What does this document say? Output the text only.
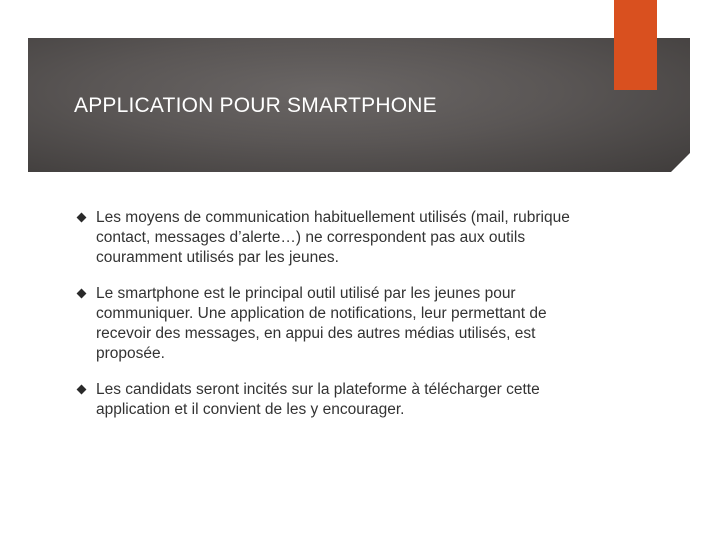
APPLICATION POUR SMARTPHONE
Les moyens de communication habituellement utilisés (mail, rubrique contact, messages d’alerte…) ne correspondent pas aux outils couramment utilisés par les jeunes.
Le smartphone est le principal outil utilisé par les jeunes pour communiquer. Une application de notifications, leur permettant de recevoir des messages, en appui des autres médias utilisés, est proposée.
Les candidats seront incités sur la plateforme à télécharger cette application et il convient de les y encourager.
